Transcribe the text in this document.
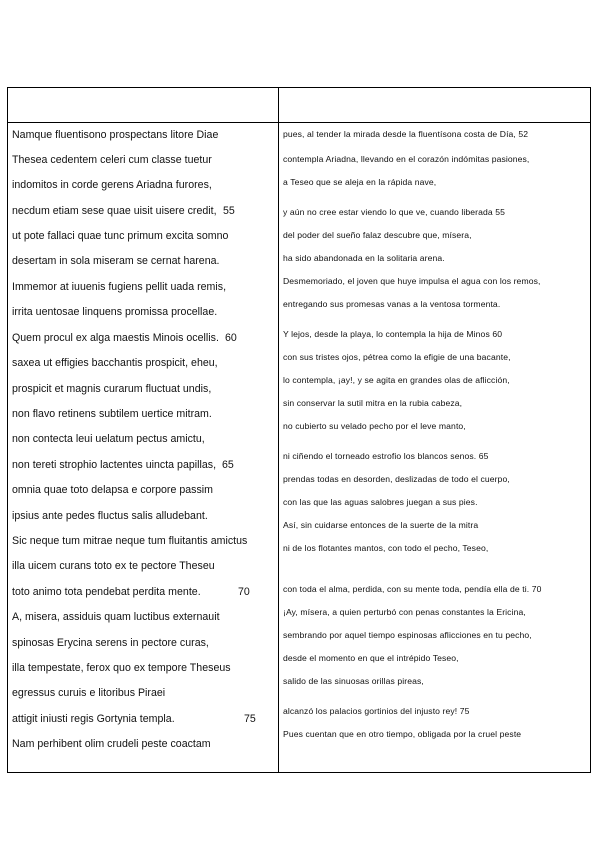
Namque fluentisono prospectans litore Diae
Thesea cedentem celeri cum classe tuetur
indomitos in corde gerens Ariadna furores,
necdum etiam sese quae uisit uisere credit, 55
ut pote fallaci quae tunc primum excita somno
desertam in sola miseram se cernat harena.
Immemor at iuuenis fugiens pellit uada remis,
irrita uentosae linquens promissa procellae.
Quem procul ex alga maestis Minois ocellis. 60
saxea ut effigies bacchantis prospicit, eheu,
prospicit et magnis curarum fluctuat undis,
non flavo retinens subtilem uertice mitram.
non contecta leui uelatum pectus amictu,
non tereti strophio lactentes uincta papillas, 65
omnia quae toto delapsa e corpore passim
ipsius ante pedes fluctus salis alludebant.
Sic neque tum mitrae neque tum fluitantis amictus
illa uicem curans toto ex te pectore Theseu
toto animo tota pendebat perdita mente.	70
A, misera, assiduis quam luctibus externauit
spinosas Erycina serens in pectore curas,
illa tempestate, ferox quo ex tempore Theseus
egressus curuis e litoribus Piraei
attigit iniusti regis Gortynia templa.	75
Nam perhibent olim crudeli peste coactam
pues, al tender la mirada desde la fluentísona costa de Día, 52
contempla Ariadna, llevando en el corazón indómitas pasiones,
a Teseo que se aleja en la rápida nave,
y aún no cree estar viendo lo que ve, cuando liberada 55
del poder del sueño falaz descubre que, mísera,
ha sido abandonada en la solitaria arena.
Desmemoriado, el joven que huye impulsa el agua con los remos,
entregando sus promesas vanas a la ventosa tormenta.
Y lejos, desde la playa, lo contempla la hija de Minos 60
con sus tristes ojos, pétrea como la efigie de una bacante,
lo contempla, ¡ay!, y se agita en grandes olas de aflicción,
sin conservar la sutil mitra en la rubia cabeza,
no cubierto su velado pecho por el leve manto,
ni ciñendo el torneado estrofio los blancos senos. 65
prendas todas en desorden, deslizadas de todo el cuerpo,
con las que las aguas salobres juegan a sus pies.
Así, sin cuidarse entonces de la suerte de la mitra
ni de los flotantes mantos, con todo el pecho, Teseo,
con toda el alma, perdida, con su mente toda, pendía ella de ti. 70
¡Ay, mísera, a quien perturbó con penas constantes la Ericina,
sembrando por aquel tiempo espinosas aflicciones en tu pecho,
desde el momento en que el intrépido Teseo,
salido de las sinuosas orillas pireas,
alcanzó los palacios gortinios del injusto rey! 75
Pues cuentan que en otro tiempo, obligada por la cruel peste
